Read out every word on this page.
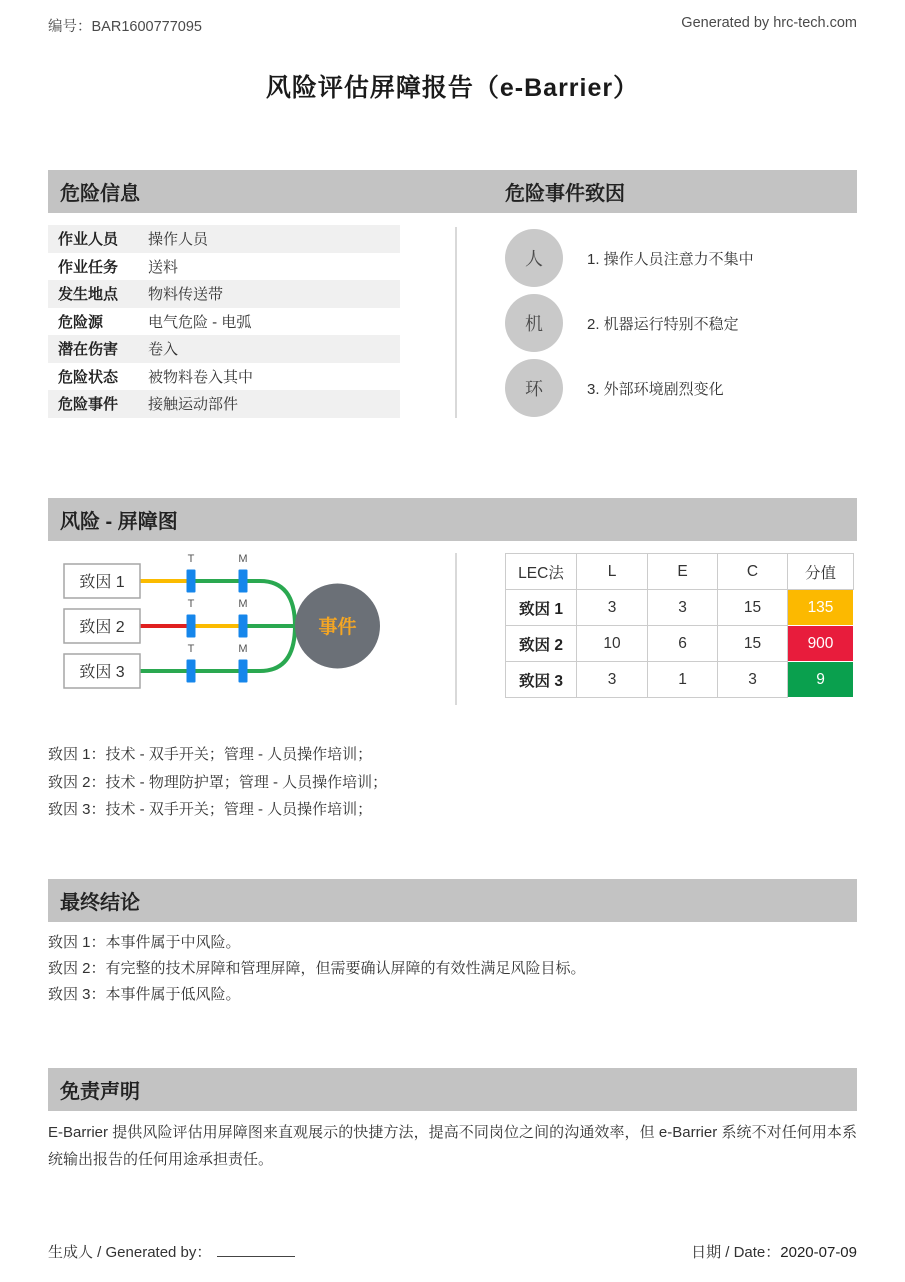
编号：BAR1600777095	Generated by hrc-tech.com
风险评估屏障报告（e-Barrier）
危险信息	危险事件致因
作业人员	操作人员
作业任务	送料
发生地点	物料传送带
危险源	电气危险 - 电弧
潜在伤害	卷入
危险状态	被物料卷入其中
危险事件	接触运动部件
人	1. 操作人员注意力不集中
机	2. 机器运行特别不稳定
环	3. 外部环境剧烈变化
风险 - 屏障图
致因 1
致因 2
致因 3
T	M
T	M
T	M
事件
LEC法	L	E	C	分值
致因 1	3	3	15	135
致因 2	10	6	15	900
致因 3	3	1	3	9
致因 1：技术 - 双手开关；管理 - 人员操作培训；
致因 2：技术 - 物理防护罩；管理 - 人员操作培训；
致因 3：技术 - 双手开关；管理 - 人员操作培训；
最终结论
致因 1：本事件属于中风险。
致因 2：有完整的技术屏障和管理屏障，但需要确认屏障的有效性满足风险目标。
致因 3：本事件属于低风险。
免责声明
E-Barrier 提供风险评估用屏障图来直观展示的快捷方法，提高不同岗位之间的沟通效率，但 e-Barrier 系统不对任何用本系统输出报告的任何用途承担责任。
生成人 / Generated by：	日期 / Date：2020-07-09
